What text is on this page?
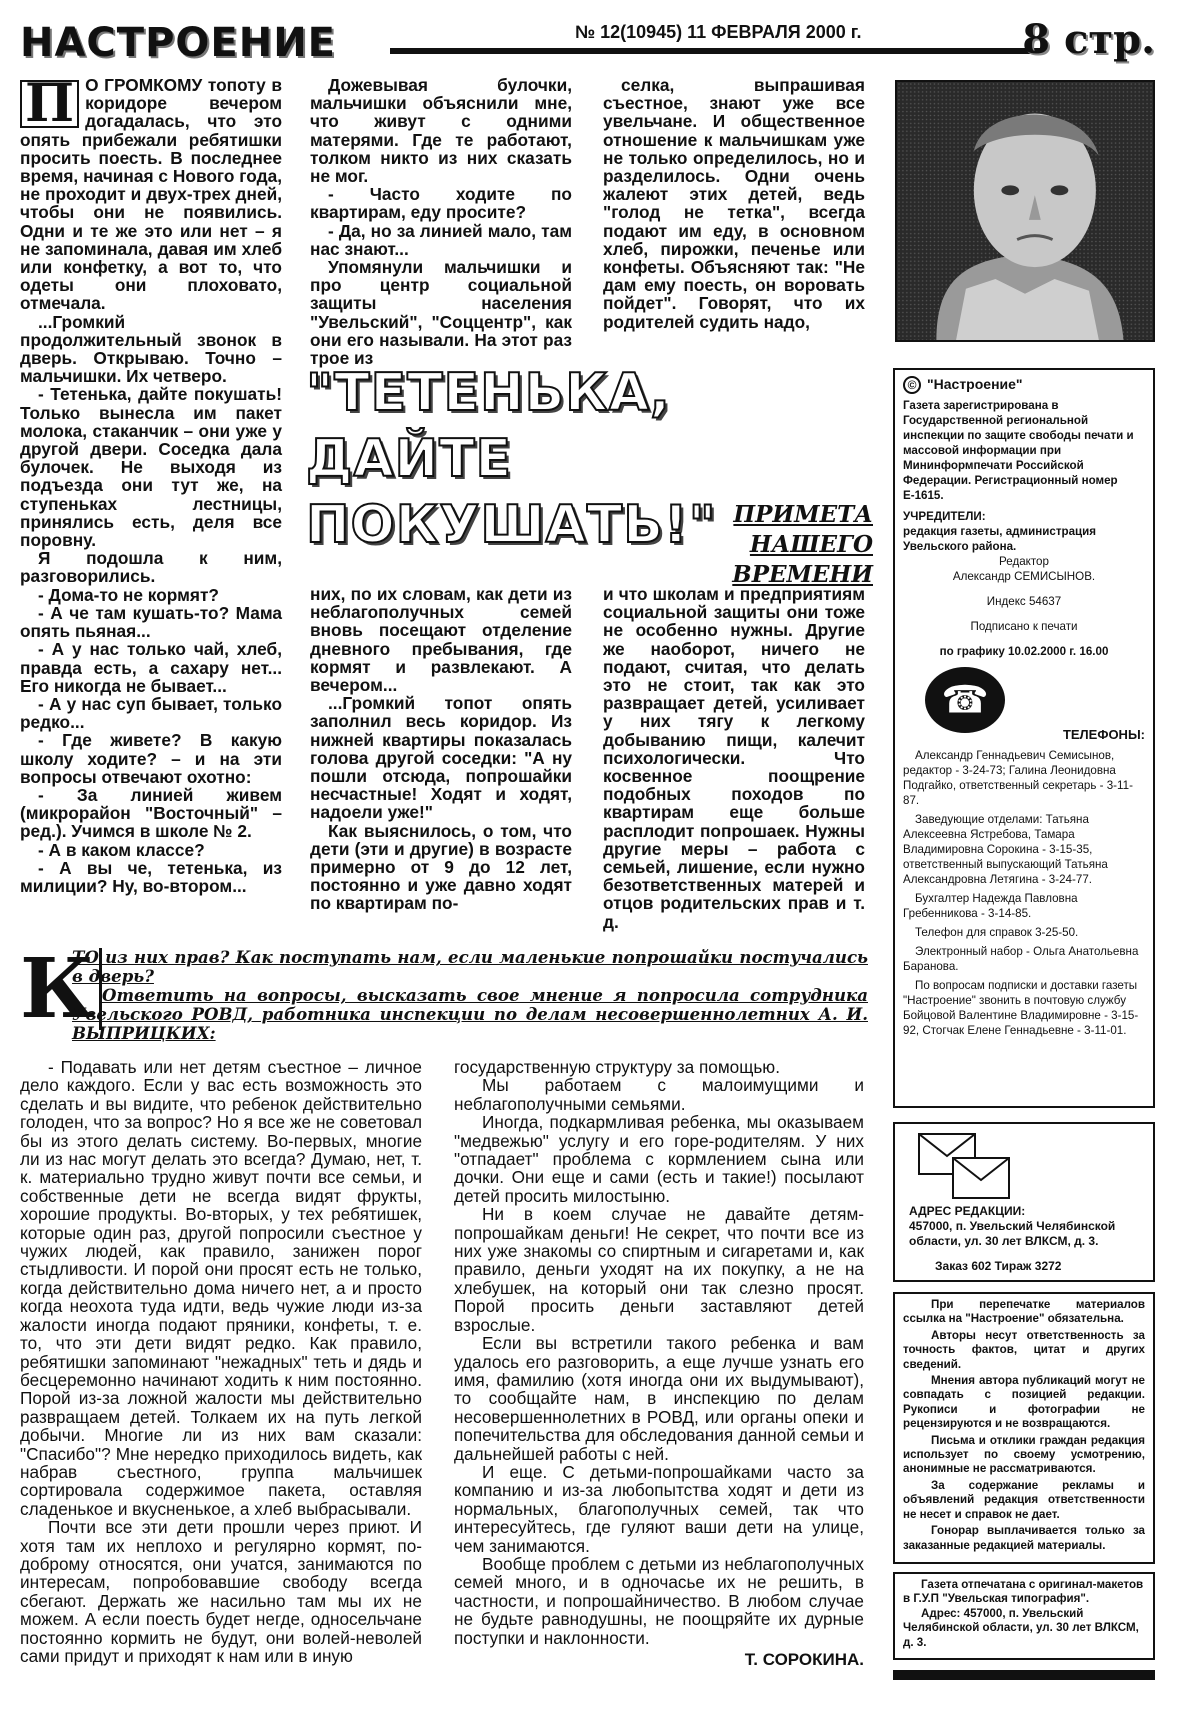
НАСТРОЕНИЕ	№ 12(10945) 11 ФЕВРАЛЯ 2000 г.	8 стр.
П О ГРОМКОМУ топоту в коридоре вечером догадалась, что это опять прибежали ребятишки просить поесть. В последнее время, начиная с Нового года, не проходит и двух-трех дней, чтобы они не появились. Одни и те же это или нет – я не запоминала, давая им хлеб или конфетку, а вот то, что одеты они плоховато, отмечала.

...Громкий продолжительный звонок в дверь. Открываю. Точно – мальчишки. Их четверо.

- Тетенька, дайте покушать! Только вынесла им пакет молока, стаканчик – они уже у другой двери. Соседка дала булочек. Не выходя из подъезда они тут же, на ступеньках лестницы, принялись есть, деля все поровну.

Я подошла к ним, разговорились.

- Дома-то не кормят?

- А че там кушать-то? Мама опять пьяная...

- А у нас только чай, хлеб, правда есть, а сахару нет... Его никогда не бывает...

- А у нас суп бывает, только редко...

- Где живете? В какую школу ходите? – и на эти вопросы отвечают охотно:

- За линией живем (микрорайон "Восточный" – ред.). Учимся в школе № 2.

- А в каком классе?

- А вы че, тетенька, из милиции? Ну, во-втором...

Дожевывая булочки, мальчишки объяснили мне, что живут с одними матерями. Где те работают, толком никто из них сказать не мог.

- Часто ходите по квартирам, еду просите?

- Да, но за линией мало, там нас знают...

Упомянули мальчишки и про центр социальной защиты населения "Увельский", "Соццентр", как они его называли. На этот раз трое из

селка, выпрашивая съестное, знают уже все увельчане. И общественное отношение к мальчишкам уже не только определилось, но и разделилось. Одни очень жалеют этих детей, ведь "голод не тетка", всегда подают им еду, в основном хлеб, пирожки, печенье или конфеты. Объясняют так: "Не дам ему поесть, он воровать пойдет". Говорят, что их родителей судить надо,

"ТЕТЕНЬКА,
ДАЙТЕ ПОКУШАТЬ!" ПРИМЕТА
НАШЕГО ВРЕМЕНИ

них, по их словам, как дети из неблагополучных семей вновь посещают отделение дневного пребывания, где кормят и развлекают. А вечером...

...Громкий топот опять заполнил весь коридор. Из нижней квартиры показалась голова другой соседки: "А ну пошли отсюда, попрошайки несчастные! Ходят и ходят, надоели уже!"

Как выяснилось, о том, что дети (эти и другие) в возрасте примерно от 9 до 12 лет, постоянно и уже давно ходят по квартирам по-

и что школам и предприятиям социальной защиты они тоже не особенно нужны. Другие же наоборот, ничего не подают, считая, что делать это не стоит, так как это развращает детей, усиливает у них тягу к легкому добыванию пищи, калечит психологически. Что косвенное поощрение подобных походов по квартирам еще больше расплодит попрошаек. Нужны другие меры – работа с семьей, лишение, если нужно безответственных матерей и отцов родительских прав и т. д.

© "Настроение"
Газета зарегистрирована в Государственной региональной инспекции по защите свободы печати и массовой информации при Мининформпечати Российской Федерации. Регистрационный номер Е-1615.
УЧРЕДИТЕЛИ:
редакция газеты, администрация Увельского района.
Редактор
Александр СЕМИСЫНОВ.
Индекс 54637
Подписано к печати
по графику 10.02.2000 г. 16.00
☎
ТЕЛЕФОНЫ:

Александр Геннадьевич Семисынов, редактор - 3-24-73; Галина Леонидовна Подгайко, ответственный секретарь - 3-11-87.

Заведующие отделами: Татьяна Алексеевна Ястребова, Тамара Владимировна Сорокина - 3-15-35, ответственный выпускающий Татьяна Александровна Летягина - 3-24-77.

Бухгалтер Надежда Павловна Гребенникова - 3-14-85.

Телефон для справок 3-25-50.

Электронный набор - Ольга Анатольевна Баранова.

По вопросам подписки и доставки газеты "Настроение" звонить в почтовую службу Бойцовой Валентине Владимировне - 3-15-92, Стогчак Елене Геннадьевне - 3-11-01.

АДРЕС РЕДАКЦИИ:
457000, п. Увельский Челябинской области, ул. 30 лет ВЛКСМ, д. 3.
Заказ 602 Тираж 3272

При перепечатке материалов ссылка на "Настроение" обязательна.

Авторы несут ответственность за точность фактов, цитат и других сведений.

Мнения автора публикаций могут не совпадать с позицией редакции. Рукописи и фотографии не рецензируются и не возвращаются.

Письма и отклики граждан редакция использует по своему усмотрению, анонимные не рассматриваются.

За содержание рекламы и объявлений редакция ответственности не несет и справок не дает.

Гонорар выплачивается только за заказанные редакцией материалы.

Газета отпечатана с оригинал-макетов в Г.У.П "Увельская типография".

Адрес: 457000, п. Увельский Челябинской области, ул. 30 лет ВЛКСМ, д. 3.

К

ТО из них прав? Как поступать нам, если маленькие попрошайки постучались в дверь?

Ответить на вопросы, высказать свое мнение я попросила сотрудника Увельского РОВД, работника инспекции по делам несовершеннолетних А. И. ВЫПРИЦКИХ:

- Подавать или нет детям съестное – личное дело каждого. Если у вас есть возможность это сделать и вы видите, что ребенок действительно голоден, что за вопрос? Но я все же не советовал бы из этого делать систему. Во-первых, многие ли из нас могут делать это всегда? Думаю, нет, т. к. материально трудно живут почти все семьи, и собственные дети не всегда видят фрукты, хорошие продукты. Во-вторых, у тех ребятишек, которые один раз, другой попросили съестное у чужих людей, как правило, занижен порог стыдливости. И порой они просят есть не только, когда действительно дома ничего нет, а и просто когда неохота туда идти, ведь чужие люди из-за жалости иногда подают пряники, конфеты, т. е. то, что эти дети видят редко. Как правило, ребятишки запоминают "нежадных" теть и дядь и бесцеремонно начинают ходить к ним постоянно. Порой из-за ложной жалости мы действительно развращаем детей. Толкаем их на путь легкой добычи. Многие ли из них вам сказали: "Спасибо"? Мне нередко приходилось видеть, как набрав съестного, группа мальчишек сортировала содержимое пакета, оставляя сладенькое и вкусненькое, а хлеб выбрасывали.

Почти все эти дети прошли через приют. И хотя там их неплохо и регулярно кормят, по-доброму относятся, они учатся, занимаются по интересам, попробовавшие свободу всегда сбегают. Держать же насильно там мы их не можем. А если поесть будет негде, односельчане постоянно кормить не будут, они волей-неволей сами придут и приходят к нам или в иную

государственную структуру за помощью.

Мы работаем с малоимущими и неблагополучными семьями.

Иногда, подкармливая ребенка, мы оказываем "медвежью" услугу и его горе-родителям. У них "отпадает" проблема с кормлением сына или дочки. Они еще и сами (есть и такие!) посылают детей просить милостыню.

Ни в коем случае не давайте детям-попрошайкам деньги! Не секрет, что почти все из них уже знакомы со спиртным и сигаретами и, как правило, деньги уходят на их покупку, а не на хлебушек, на который они так слезно просят. Порой просить деньги заставляют детей взрослые.

Если вы встретили такого ребенка и вам удалось его разговорить, а еще лучше узнать его имя, фамилию (хотя иногда они их выдумывают), то сообщайте нам, в инспекцию по делам несовершеннолетних в РОВД, или органы опеки и попечительства для обследования данной семьи и дальнейшей работы с ней.

И еще. С детьми-попрошайками часто за компанию и из-за любопытства ходят и дети из нормальных, благополучных семей, так что интересуйтесь, где гуляют ваши дети на улице, чем занимаются.

Вообще проблем с детьми из неблагополучных семей много, и в одночасье их не решить, в частности, и попрошайничество. В любом случае не будьте равнодушны, не поощряйте их дурные поступки и наклонности.

Т. СОРОКИНА.
